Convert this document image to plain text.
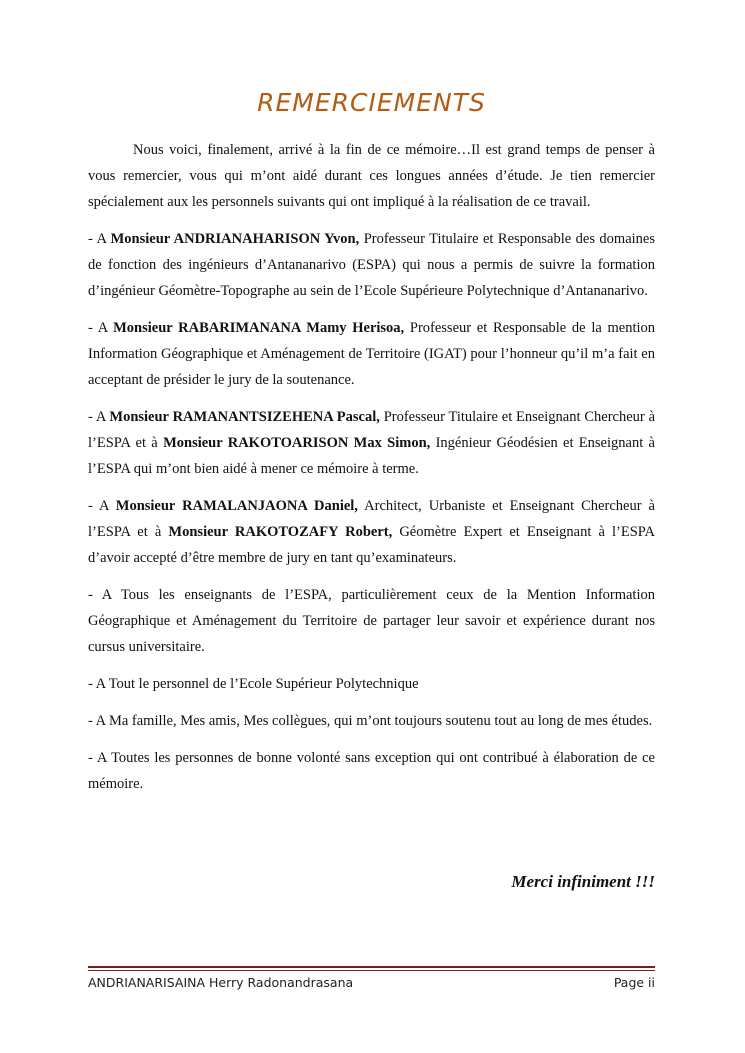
REMERCIEMENTS

Nous voici, finalement, arrivé à la fin de ce mémoire…Il est grand temps de penser à vous remercier, vous qui m’ont aidé durant ces longues années d’étude. Je tien remercier spécialement aux les personnels suivants qui ont impliqué à la réalisation de ce travail.

- A Monsieur ANDRIANAHARISON Yvon, Professeur Titulaire et Responsable des domaines de fonction des ingénieurs d’Antananarivo (ESPA) qui nous a permis de suivre la formation d’ingénieur Géomètre-Topographe au sein de l’Ecole Supérieure Polytechnique d’Antananarivo.

- A Monsieur RABARIMANANA Mamy Herisoa, Professeur et Responsable de la mention Information Géographique et Aménagement de Territoire (IGAT) pour l’honneur qu’il m’a fait en acceptant de présider le jury de la soutenance.

- A Monsieur RAMANANTSIZEHENA Pascal, Professeur Titulaire et Enseignant Chercheur à l’ESPA et à Monsieur RAKOTOARISON Max Simon, Ingénieur Géodésien et Enseignant à l’ESPA qui m’ont bien aidé à mener ce mémoire à terme.

- A Monsieur RAMALANJAONA Daniel, Architect, Urbaniste et Enseignant Chercheur à l’ESPA et à Monsieur RAKOTOZAFY Robert, Géomètre Expert et Enseignant à l’ESPA d’avoir accepté d’être membre de jury en tant qu’examinateurs.

- A Tous les enseignants de l’ESPA, particulièrement ceux de la Mention Information Géographique et Aménagement du Territoire de partager leur savoir et expérience durant nos cursus universitaire.

- A Tout le personnel de l’Ecole Supérieur Polytechnique

- A Ma famille, Mes amis, Mes collègues, qui m’ont toujours soutenu tout au long de mes études.

- A Toutes les personnes de bonne volonté sans exception qui ont contribué à élaboration de ce mémoire.

Merci infiniment !!!
ANDRIANARISAINA Herry Radonandrasana	Page ii
